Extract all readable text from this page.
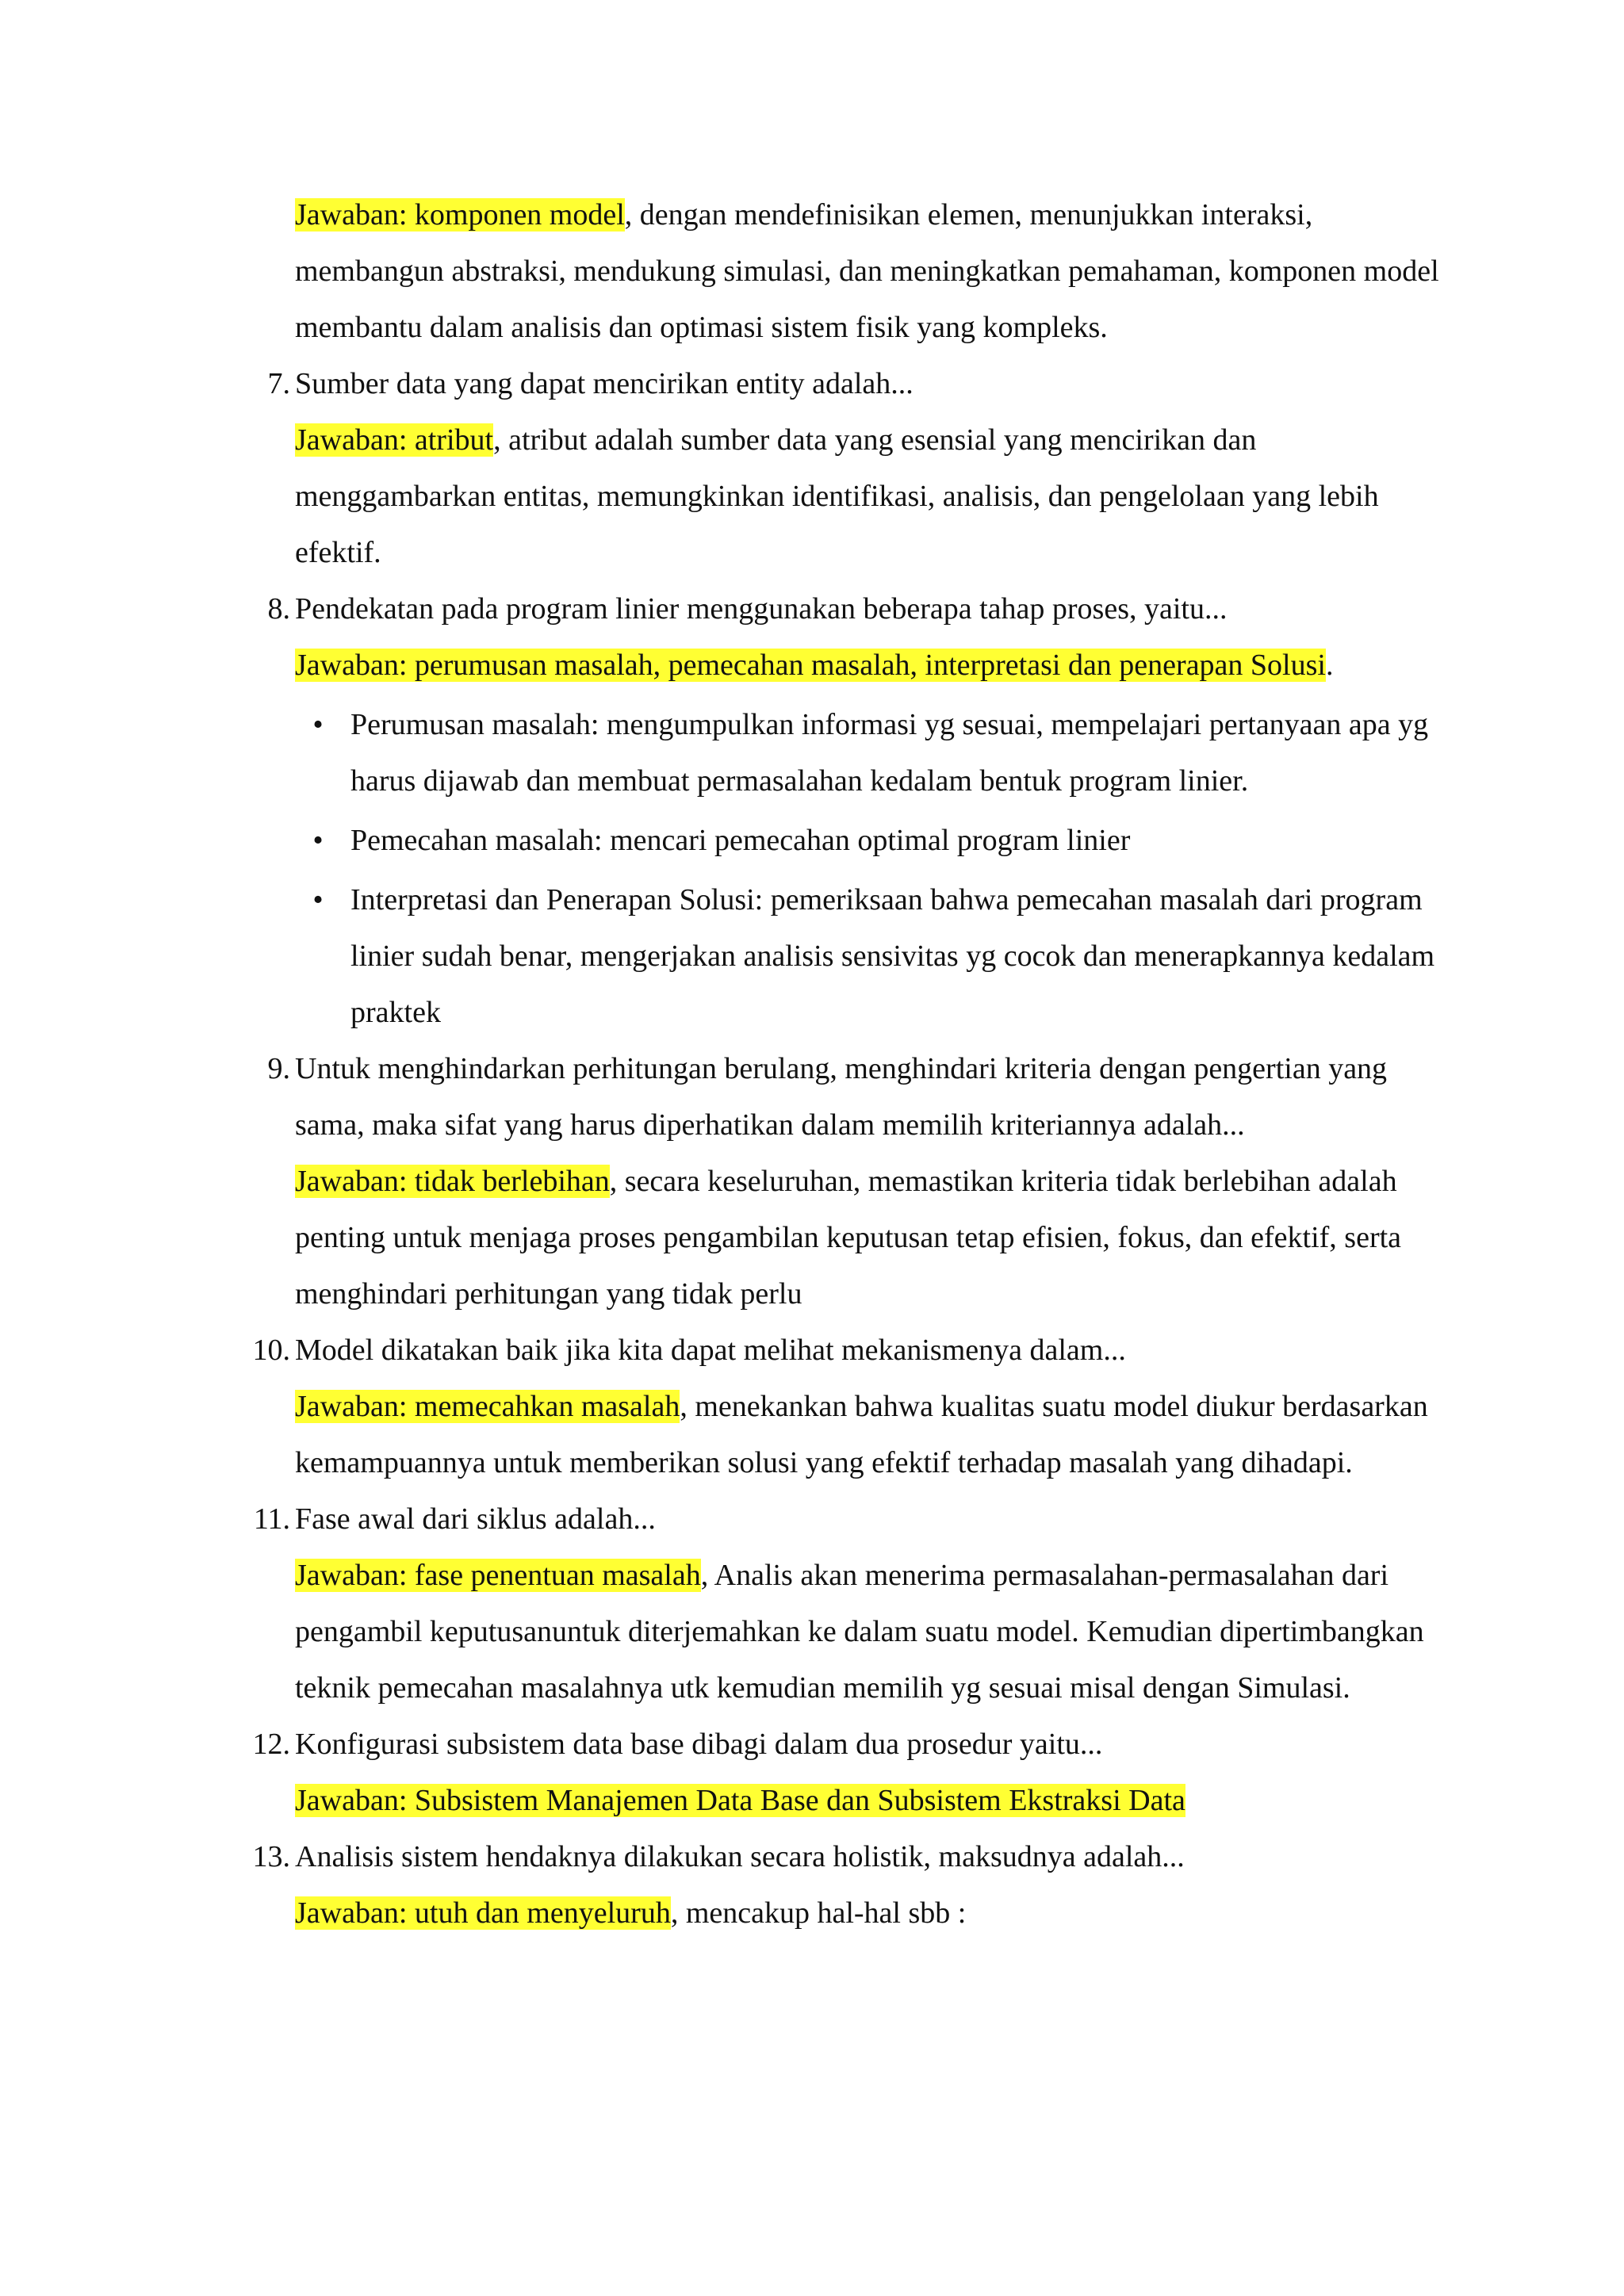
Jawaban: komponen model, dengan mendefinisikan elemen, menunjukkan interaksi, membangun abstraksi, mendukung simulasi, dan meningkatkan pemahaman, komponen model membantu dalam analisis dan optimasi sistem fisik yang kompleks.
7. Sumber data yang dapat mencirikan entity adalah...
Jawaban: atribut, atribut adalah sumber data yang esensial yang mencirikan dan menggambarkan entitas, memungkinkan identifikasi, analisis, dan pengelolaan yang lebih efektif.
8. Pendekatan pada program linier menggunakan beberapa tahap proses, yaitu...
Jawaban: perumusan masalah, pemecahan masalah, interpretasi dan penerapan Solusi.
• Perumusan masalah: mengumpulkan informasi yg sesuai, mempelajari pertanyaan apa yg harus dijawab dan membuat permasalahan kedalam bentuk program linier.
• Pemecahan masalah: mencari pemecahan optimal program linier
• Interpretasi dan Penerapan Solusi: pemeriksaan bahwa pemecahan masalah dari program linier sudah benar, mengerjakan analisis sensivitas yg cocok dan menerapkannya kedalam praktek
9. Untuk menghindarkan perhitungan berulang, menghindari kriteria dengan pengertian yang sama, maka sifat yang harus diperhatikan dalam memilih kriteriannya adalah...
Jawaban: tidak berlebihan, secara keseluruhan, memastikan kriteria tidak berlebihan adalah penting untuk menjaga proses pengambilan keputusan tetap efisien, fokus, dan efektif, serta menghindari perhitungan yang tidak perlu
10. Model dikatakan baik jika kita dapat melihat mekanismenya dalam...
Jawaban: memecahkan masalah, menekankan bahwa kualitas suatu model diukur berdasarkan kemampuannya untuk memberikan solusi yang efektif terhadap masalah yang dihadapi.
11. Fase awal dari siklus adalah...
Jawaban: fase penentuan masalah, Analis akan menerima permasalahan-permasalahan dari pengambil keputusanuntuk diterjemahkan ke dalam suatu model. Kemudian dipertimbangkan teknik pemecahan masalahnya utk kemudian memilih yg sesuai misal dengan Simulasi.
12. Konfigurasi subsistem data base dibagi dalam dua prosedur yaitu...
Jawaban: Subsistem Manajemen Data Base dan Subsistem Ekstraksi Data
13. Analisis sistem hendaknya dilakukan secara holistik, maksudnya adalah...
Jawaban: utuh dan menyeluruh, mencakup hal-hal sbb :
